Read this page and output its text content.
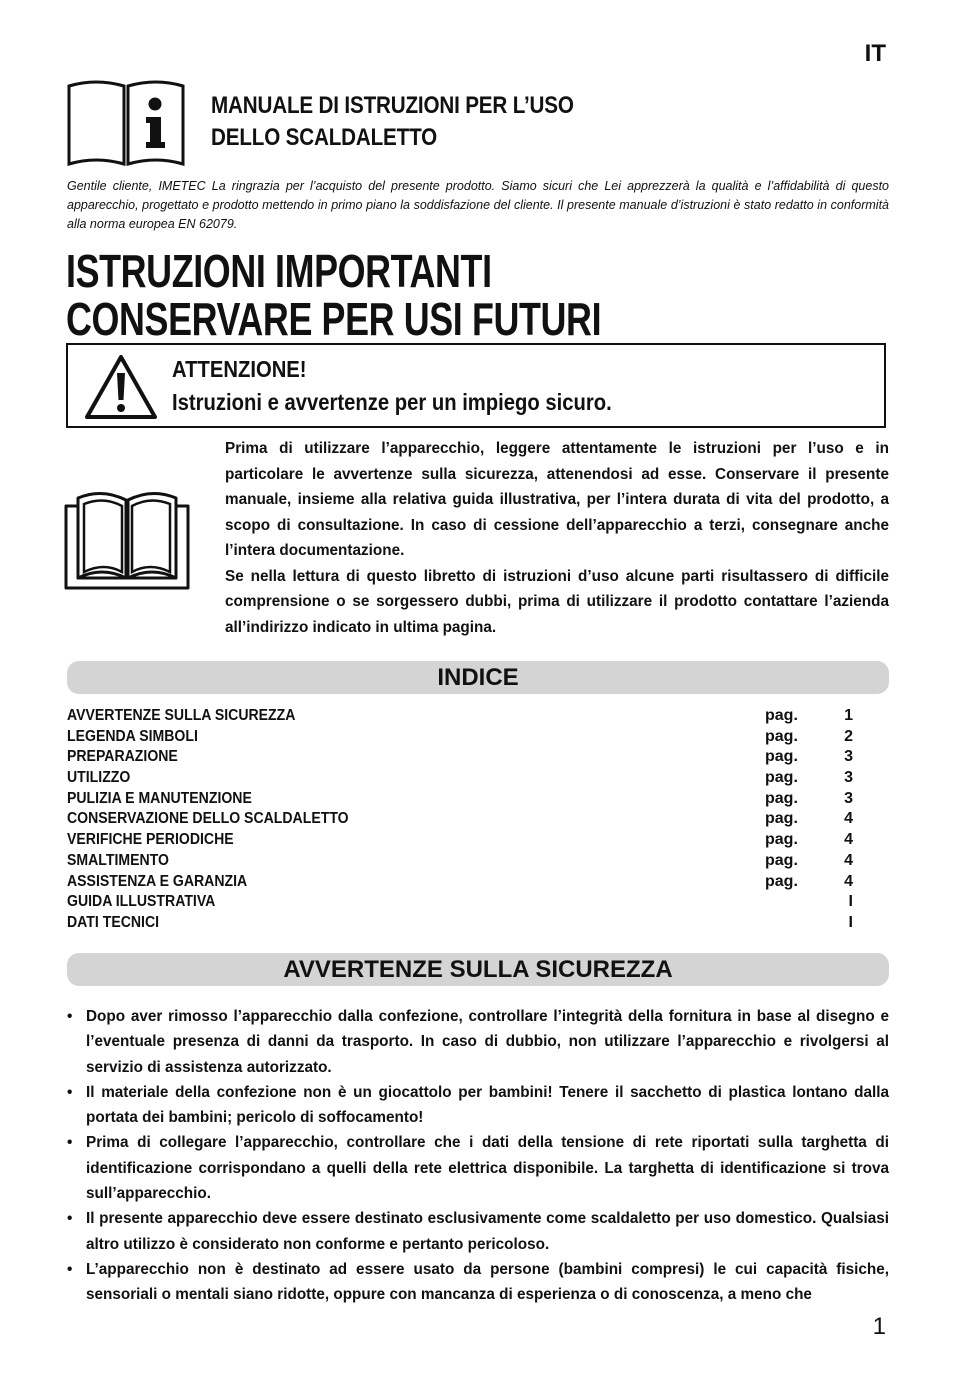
IT
MANUALE DI ISTRUZIONI PER L’USO
DELLO SCALDALETTO
Gentile cliente, IMETEC La ringrazia per l’acquisto del presente prodotto. Siamo sicuri che Lei apprezzerà la qualità e l’affidabilità di questo apparecchio, progettato e prodotto mettendo in primo piano la soddisfazione del cliente. Il presente manuale d’istruzioni è stato redatto in conformità alla norma europea EN 62079.
ISTRUZIONI IMPORTANTI
CONSERVARE PER USI FUTURI
ATTENZIONE!
Istruzioni e avvertenze per un impiego sicuro.

Prima di utilizzare l’apparecchio, leggere attentamente le istruzioni per l’uso e in particolare le avvertenze sulla sicurezza, attenendosi ad esse. Conservare il presente manuale, insieme alla relativa guida illustrativa, per l’intera durata di vita del prodotto, a scopo di consultazione. In caso di cessione dell’apparecchio a terzi, consegnare anche l’intera documentazione.

Se nella lettura di questo libretto di istruzioni d’uso alcune parti risultassero di difficile comprensione o se sorgessero dubbi, prima di utilizzare il prodotto contattare l’azienda all’indirizzo indicato in ultima pagina.

INDICE
AVVERTENZE SULLA SICUREZZA	pag.	1
LEGENDA SIMBOLI	pag.	2
PREPARAZIONE	pag.	3
UTILIZZO	pag.	3
PULIZIA E MANUTENZIONE	pag.	3
CONSERVAZIONE DELLO SCALDALETTO	pag.	4
VERIFICHE PERIODICHE	pag.	4
SMALTIMENTO	pag.	4
ASSISTENZA E GARANZIA	pag.	4
GUIDA ILLUSTRATIVA	I
DATI TECNICI	I
AVVERTENZE SULLA SICUREZZA
• Dopo aver rimosso l’apparecchio dalla confezione, controllare l’integrità della fornitura in base al disegno e l’eventuale presenza di danni da trasporto. In caso di dubbio, non utilizzare l’apparecchio e rivolgersi al servizio di assistenza autorizzato.
• Il materiale della confezione non è un giocattolo per bambini! Tenere il sacchetto di plastica lontano dalla portata dei bambini; pericolo di soffocamento!
• Prima di collegare l’apparecchio, controllare che i dati della tensione di rete riportati sulla targhetta di identificazione corrispondano a quelli della rete elettrica disponibile. La targhetta di identificazione si trova sull’apparecchio.
• Il presente apparecchio deve essere destinato esclusivamente come scaldaletto per uso domestico. Qualsiasi altro utilizzo è considerato non conforme e pertanto pericoloso.
• L’apparecchio non è destinato ad essere usato da persone (bambini compresi) le cui capacità fisiche, sensoriali o mentali siano ridotte, oppure con mancanza di esperienza o di conoscenza, a meno che
1
